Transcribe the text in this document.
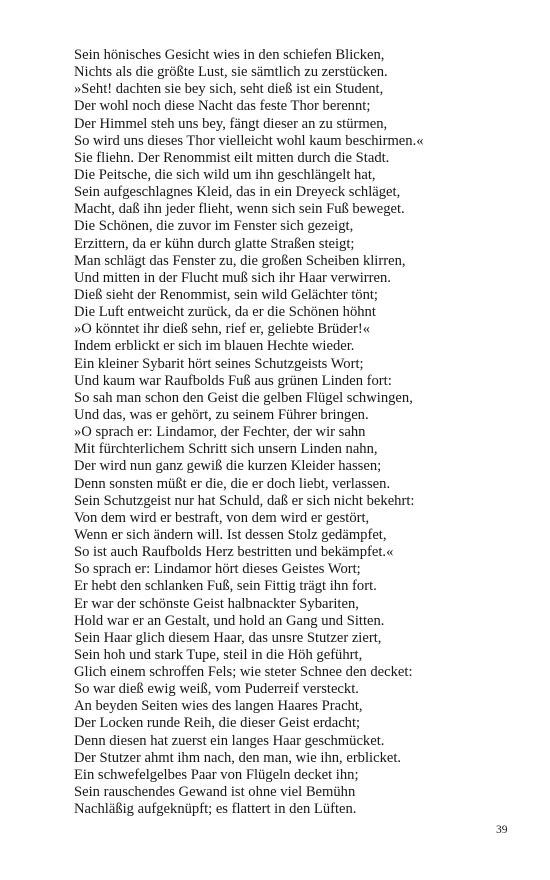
Sein hönisches Gesicht wies in den schiefen Blicken,
Nichts als die größte Lust, sie sämtlich zu zerstücken.
»Seht! dachten sie bey sich, seht dieß ist ein Student,
Der wohl noch diese Nacht das feste Thor berennt;
Der Himmel steh uns bey, fängt dieser an zu stürmen,
So wird uns dieses Thor vielleicht wohl kaum beschirmen.«
Sie fliehn. Der Renommist eilt mitten durch die Stadt.
Die Peitsche, die sich wild um ihn geschlängelt hat,
Sein aufgeschlagnes Kleid, das in ein Dreyeck schläget,
Macht, daß ihn jeder flieht, wenn sich sein Fuß beweget.
Die Schönen, die zuvor im Fenster sich gezeigt,
Erzittern, da er kühn durch glatte Straßen steigt;
Man schlägt das Fenster zu, die großen Scheiben klirren,
Und mitten in der Flucht muß sich ihr Haar verwirren.
Dieß sieht der Renommist, sein wild Gelächter tönt;
Die Luft entweicht zurück, da er die Schönen höhnt
»O könntet ihr dieß sehn, rief er, geliebte Brüder!«
Indem erblickt er sich im blauen Hechte wieder.
Ein kleiner Sybarit hört seines Schutzgeists Wort;
Und kaum war Raufbolds Fuß aus grünen Linden fort:
So sah man schon den Geist die gelben Flügel schwingen,
Und das, was er gehört, zu seinem Führer bringen.
»O sprach er: Lindamor, der Fechter, der wir sahn
Mit fürchterlichem Schritt sich unsern Linden nahn,
Der wird nun ganz gewiß die kurzen Kleider hassen;
Denn sonsten müßt er die, die er doch liebt, verlassen.
Sein Schutzgeist nur hat Schuld, daß er sich nicht bekehrt:
Von dem wird er bestraft, von dem wird er gestört,
Wenn er sich ändern will. Ist dessen Stolz gedämpfet,
So ist auch Raufbolds Herz bestritten und bekämpfet.«
So sprach er: Lindamor hört dieses Geistes Wort;
Er hebt den schlanken Fuß, sein Fittig trägt ihn fort.
Er war der schönste Geist halbnackter Sybariten,
Hold war er an Gestalt, und hold an Gang und Sitten.
Sein Haar glich diesem Haar, das unsre Stutzer ziert,
Sein hoh und stark Tupe, steil in die Höh geführt,
Glich einem schroffen Fels; wie steter Schnee den decket:
So war dieß ewig weiß, vom Puderreif versteckt.
An beyden Seiten wies des langen Haares Pracht,
Der Locken runde Reih, die dieser Geist erdacht;
Denn diesen hat zuerst ein langes Haar geschmücket.
Der Stutzer ahmt ihm nach, den man, wie ihn, erblicket.
Ein schwefelgelbes Paar von Flügeln decket ihn;
Sein rauschendes Gewand ist ohne viel Bemühn
Nachläßig aufgeknüpft; es flattert in den Lüften.
39
